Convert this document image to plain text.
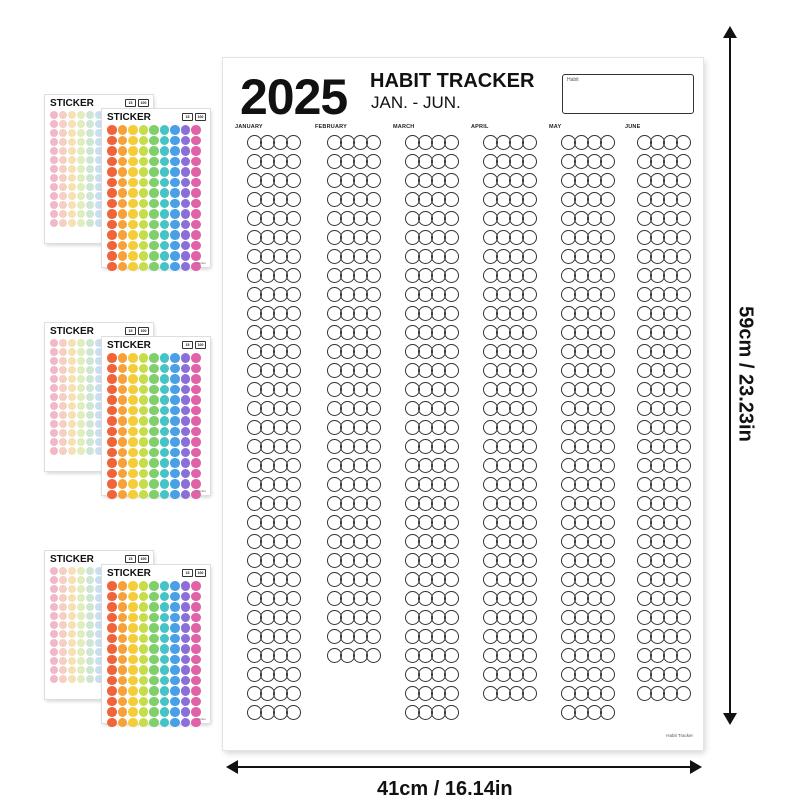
2025 HABIT TRACKER
JAN. - JUN.
Habit
JANUARY	FEBRUARY	MARCH	APRIL	MAY	JUNE
Habit Tracker
59cm / 23.23in
41cm / 16.14in
STICKER	15	100
STICKER	15	100
Sticker
STICKER	15	100
STICKER	15	100
Sticker
STICKER	15	100
STICKER	15	100
Sticker
